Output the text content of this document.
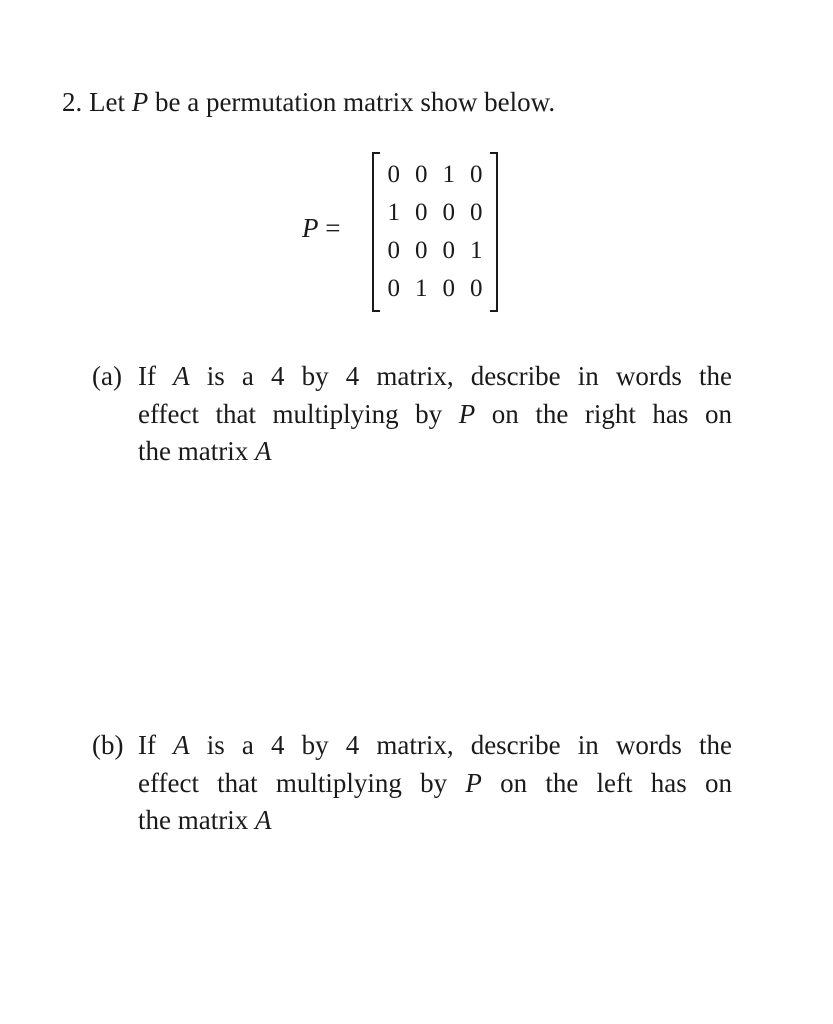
2. Let P be a permutation matrix show below.
P =
0 0 1 0
1 0 0 0
0 0 0 1
0 1 0 0
(a) If A is a 4 by 4 matrix, describe in words the
effect that multiplying by P on the right has on
the matrix A
(b) If A is a 4 by 4 matrix, describe in words the
effect that multiplying by P on the left has on
the matrix A
